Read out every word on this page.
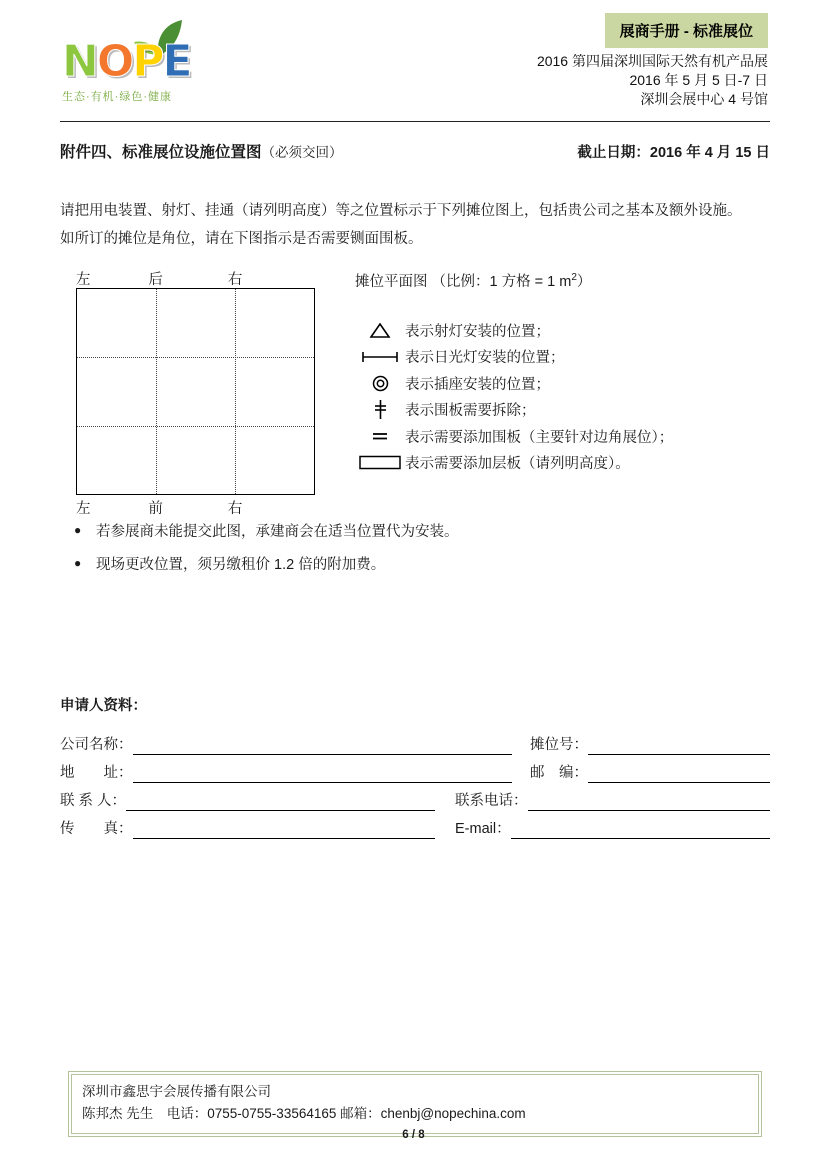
NOPE
生态·有机·绿色·健康
展商手册 - 标准展位
2016 第四届深圳国际天然有机产品展
2016 年 5 月 5 日-7 日
深圳会展中心 4 号馆
附件四、标准展位设施位置图（必须交回）	截止日期：2016 年 4 月 15 日
请把用电装置、射灯、挂通（请列明高度）等之位置标示于下列摊位图上，包括贵公司之基本及额外设施。
如所订的摊位是角位，请在下图指示是否需要铡面围板。
左	后	右
左	前	右
摊位平面图 （比例：1 方格 = 1 $m^2$）
表示射灯安装的位置；
表示日光灯安装的位置；
表示插座安装的位置；
表示围板需要拆除；
表示需要添加围板（主要针对边角展位）；
表示需要添加层板（请列明高度）。
●	若参展商未能提交此图，承建商会在适当位置代为安装。
●	现场更改位置，须另缴租价 1.2 倍的附加费。
申请人资料：
公司名称：	摊位号：
地　　址：	邮　编：
联 系 人：	联系电话：
传　　真：	E-mail：
深圳市鑫思宇会展传播有限公司
陈邦杰 先生　电话：0755-0755-33564165 邮箱：chenbj@nopechina.com
6 / 8
